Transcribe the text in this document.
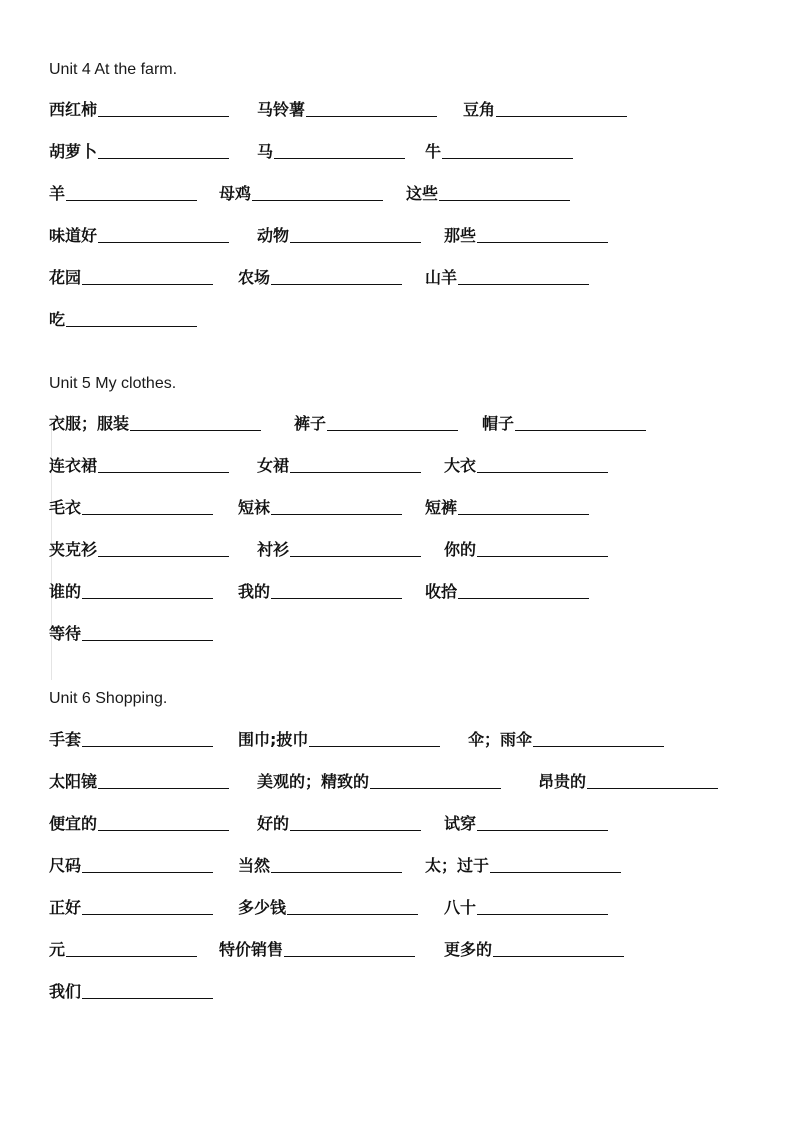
Unit 4 At the farm.
西红柿	马铃薯	豆角
胡萝卜	马	牛
羊	母鸡	这些
味道好	动物	那些
花园	农场	山羊
吃
Unit 5 My clothes.
衣服；服装	裤子	帽子
连衣裙	女裙	大衣
毛衣	短袜	短裤
夹克衫	衬衫	你的
谁的	我的	收拾
等待
Unit 6 Shopping.
手套	围巾;披巾	伞；雨伞
太阳镜	美观的；精致的	昂贵的
便宜的	好的	试穿
尺码	当然	太；过于
正好	多少钱	八十
元	特价销售	更多的
我们
